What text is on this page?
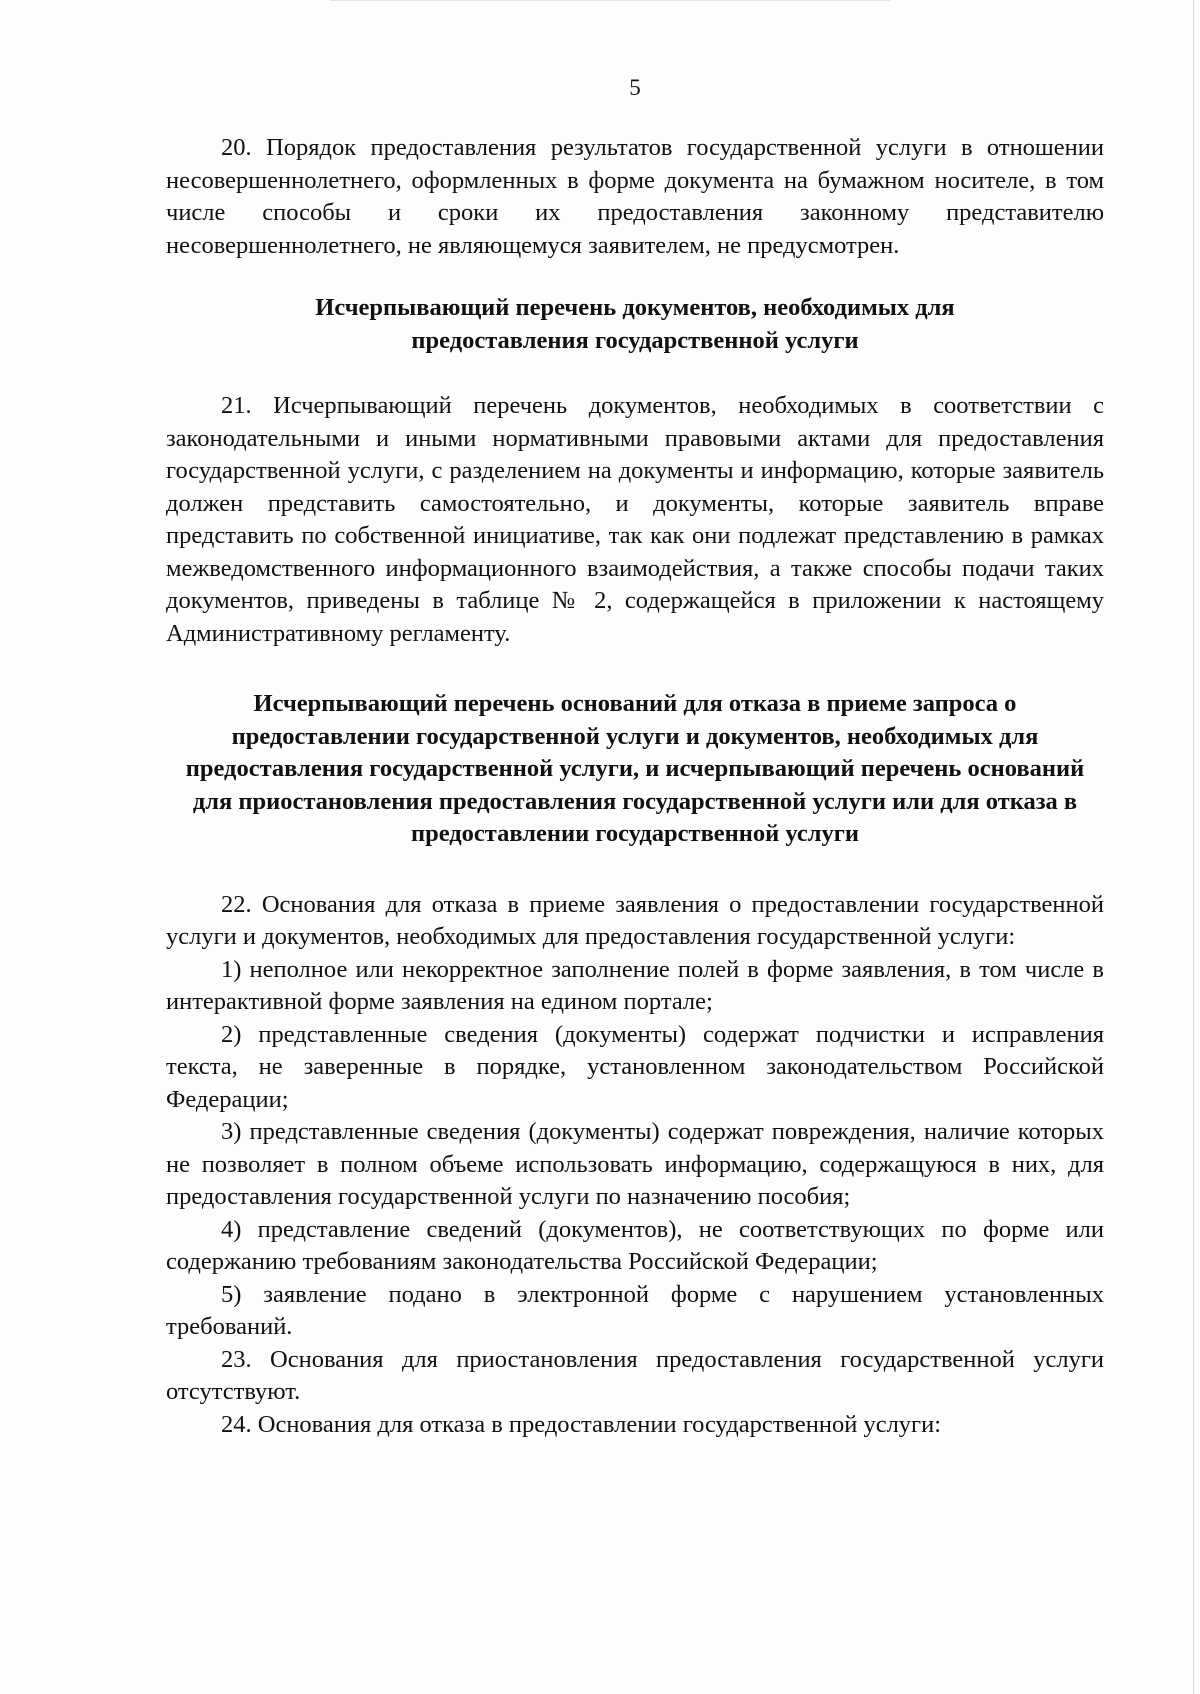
5

20. Порядок предоставления результатов государственной услуги в отношении несовершеннолетнего, оформленных в форме документа на бумажном носителе, в том числе способы и сроки их предоставления законному представителю несовершеннолетнего, не являющемуся заявителем, не предусмотрен.

Исчерпывающий перечень документов, необходимых для предоставления государственной услуги

21. Исчерпывающий перечень документов, необходимых в соответствии с законодательными и иными нормативными правовыми актами для предоставления государственной услуги, с разделением на документы и информацию, которые заявитель должен представить самостоятельно, и документы, которые заявитель вправе представить по собственной инициативе, так как они подлежат представлению в рамках межведомственного информационного взаимодействия, а также способы подачи таких документов, приведены в таблице № 2, содержащейся в приложении к настоящему Административному регламенту.

Исчерпывающий перечень оснований для отказа в приеме запроса о предоставлении государственной услуги и документов, необходимых для предоставления государственной услуги, и исчерпывающий перечень оснований для приостановления предоставления государственной услуги или для отказа в предоставлении государственной услуги

22. Основания для отказа в приеме заявления о предоставлении государственной услуги и документов, необходимых для предоставления государственной услуги:

1) неполное или некорректное заполнение полей в форме заявления, в том числе в интерактивной форме заявления на едином портале;

2) представленные сведения (документы) содержат подчистки и исправления текста, не заверенные в порядке, установленном законодательством Российской Федерации;

3) представленные сведения (документы) содержат повреждения, наличие которых не позволяет в полном объеме использовать информацию, содержащуюся в них, для предоставления государственной услуги по назначению пособия;

4) представление сведений (документов), не соответствующих по форме или содержанию требованиям законодательства Российской Федерации;

5) заявление подано в электронной форме с нарушением установленных требований.

23. Основания для приостановления предоставления государственной услуги отсутствуют.

24. Основания для отказа в предоставлении государственной услуги:
